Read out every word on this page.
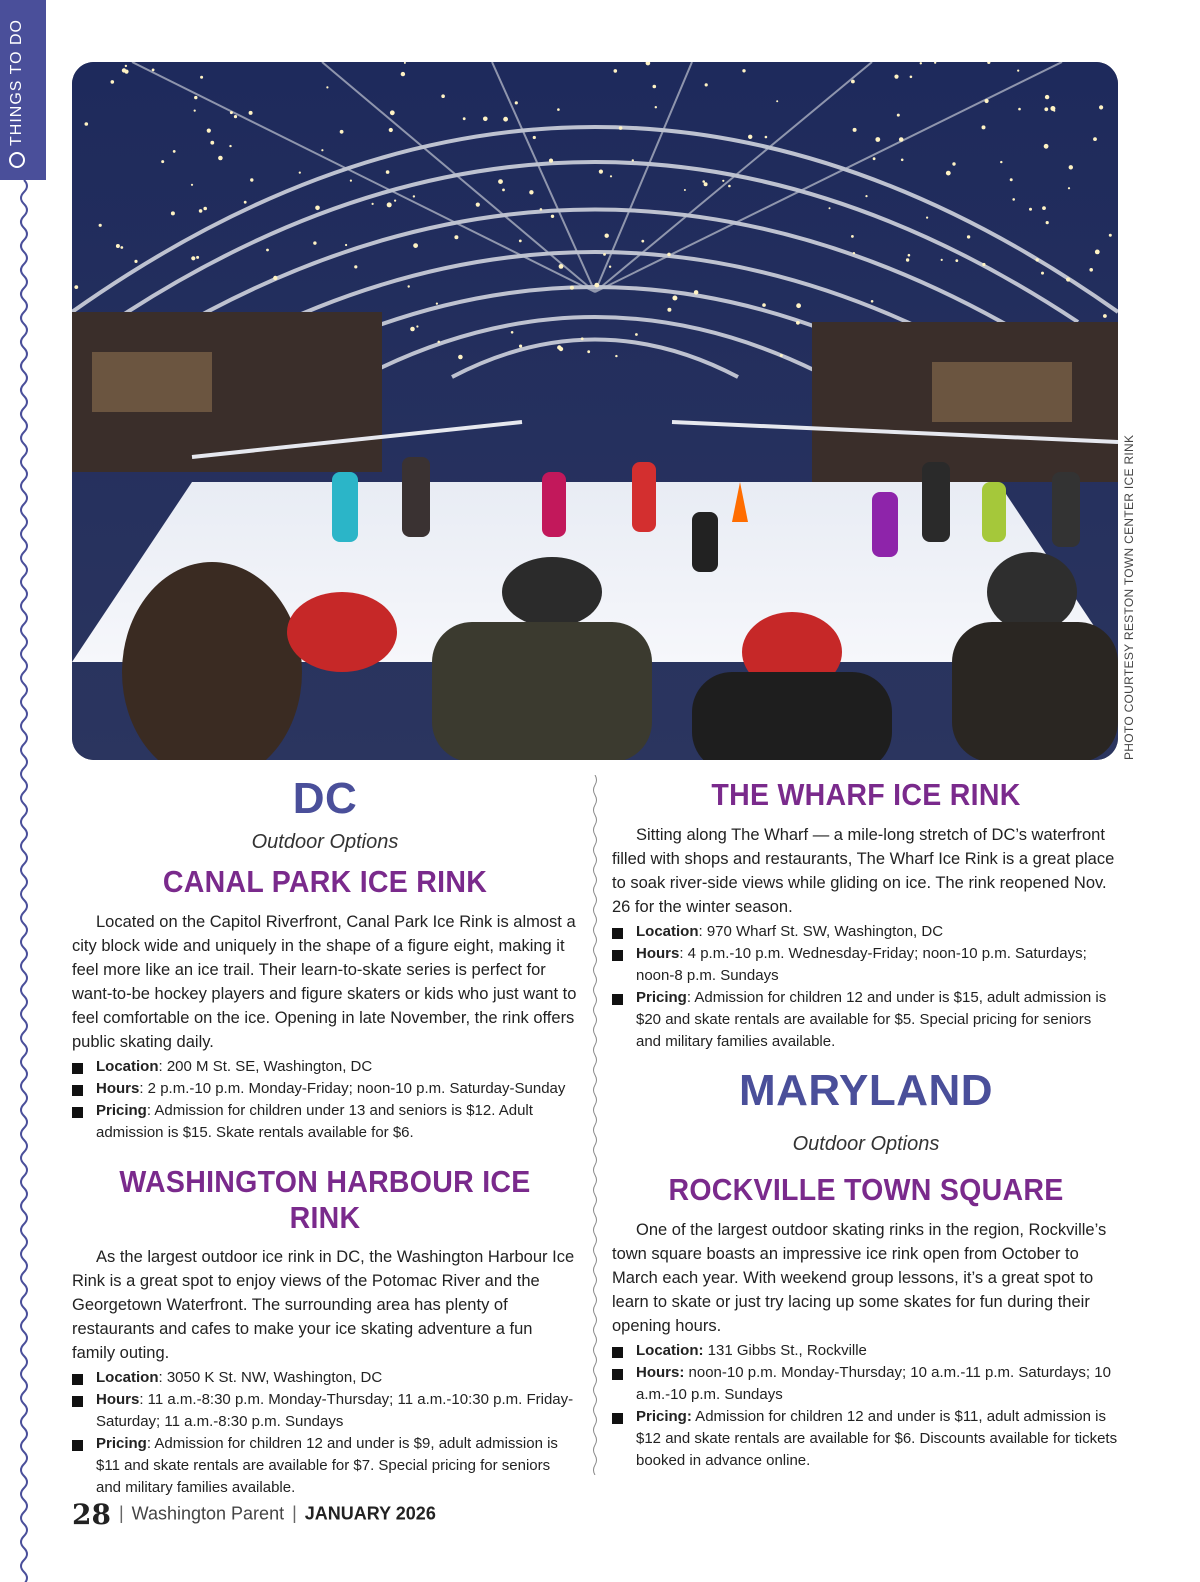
THINGS TO DO
PHOTO COURTESY RESTON TOWN CENTER ICE RINK
DC

Outdoor Options

CANAL PARK ICE RINK

Located on the Capitol Riverfront, Canal Park Ice Rink is almost a city block wide and uniquely in the shape of a figure eight, making it feel more like an ice trail. Their learn-to-skate series is perfect for want-to-be hockey players and figure skaters or kids who just want to feel comfortable on the ice. Opening in late November, the rink offers public skating daily.

Location: 200 M St. SE, Washington, DC
Hours: 2 p.m.-10 p.m. Monday-Friday; noon-10 p.m. Saturday-Sunday
Pricing: Admission for children under 13 and seniors is $12. Adult admission is $15. Skate rentals available for $6.
WASHINGTON HARBOUR ICE RINK

As the largest outdoor ice rink in DC, the Washington Harbour Ice Rink is a great spot to enjoy views of the Potomac River and the Georgetown Waterfront. The surrounding area has plenty of restaurants and cafes to make your ice skating adventure a fun family outing.

Location: 3050 K St. NW, Washington, DC
Hours: 11 a.m.-8:30 p.m. Monday-Thursday; 11 a.m.-10:30 p.m. Friday-Saturday; 11 a.m.-8:30 p.m. Sundays
Pricing: Admission for children 12 and under is $9, adult admission is $11 and skate rentals are available for $7. Special pricing for seniors and military families available.
THE WHARF ICE RINK

Sitting along The Wharf — a mile-long stretch of DC’s waterfront filled with shops and restaurants, The Wharf Ice Rink is a great place to soak river-side views while gliding on ice. The rink reopened Nov. 26 for the winter season.

Location: 970 Wharf St. SW, Washington, DC
Hours: 4 p.m.-10 p.m. Wednesday-Friday; noon-10 p.m. Saturdays; noon-8 p.m. Sundays
Pricing: Admission for children 12 and under is $15, adult admission is $20 and skate rentals are available for $5. Special pricing for seniors and military families available.
MARYLAND

Outdoor Options

ROCKVILLE TOWN SQUARE

One of the largest outdoor skating rinks in the region, Rockville’s town square boasts an impressive ice rink open from October to March each year. With weekend group lessons, it’s a great spot to learn to skate or just try lacing up some skates for fun during their opening hours.

Location: 131 Gibbs St., Rockville
Hours: noon-10 p.m. Monday-Thursday; 10 a.m.-11 p.m. Saturdays; 10 a.m.-10 p.m. Sundays
Pricing: Admission for children 12 and under is $11, adult admission is $12 and skate rentals are available for $6. Discounts available for tickets booked in advance online.
28 | Washington Parent | JANUARY 2026
